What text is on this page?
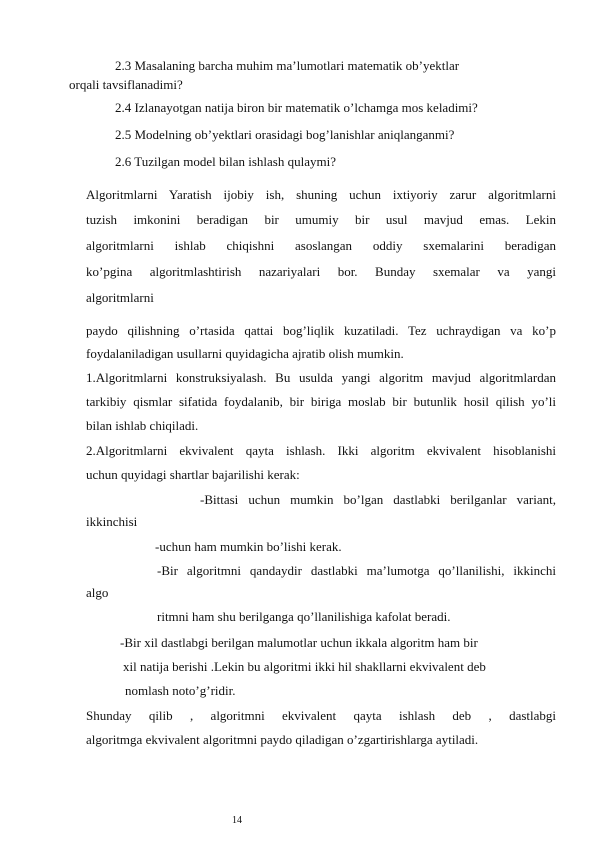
2.3 Masalaning barcha muhim ma’lumotlari matematik ob’yektlar
orqali tavsiflanadimi?
2.4 Izlanayotgan natija biron bir matematik o’lchamga mos keladimi?
2.5 Modelning ob’yektlari orasidagi bog’lanishlar aniqlanganmi?
2.6 Tuzilgan model bilan ishlash qulaymi?
Algoritmlarni Yaratish ijobiy ish, shuning uchun ixtiyoriy zarur algoritmlarni
tuzish imkonini beradigan bir umumiy bir usul mavjud emas. Lekin
algoritmlarni ishlab chiqishni asoslangan oddiy sxemalarini beradigan
ko’pgina algoritmlashtirish nazariyalari bor. Bunday sxemalar va yangi
algoritmlarni
paydo qilishning o’rtasida qattai bog’liqlik kuzatiladi. Tez uchraydigan va ko’p
foydalaniladigan usullarni quyidagicha ajratib olish mumkin.
1.Algoritmlarni konstruksiyalash. Bu usulda yangi algoritm mavjud algoritmlardan
tarkibiy qismlar sifatida foydalanib, bir biriga moslab bir butunlik hosil qilish yo’li
bilan ishlab chiqiladi.
2.Algoritmlarni ekvivalent qayta ishlash. Ikki algoritm ekvivalent hisoblanishi
uchun quyidagi shartlar bajarilishi kerak:
-Bittasi uchun mumkin bo’lgan dastlabki berilganlar variant,
ikkinchisi
-uchun ham mumkin bo’lishi kerak.
-Bir algoritmni qandaydir dastlabki ma’lumotga qo’llanilishi, ikkinchi
algo
ritmni ham shu berilganga qo’llanilishiga kafolat beradi.
-Bir xil dastlabgi berilgan malumotlar uchun ikkala algoritm ham bir
xil natija berishi .Lekin bu algoritmi ikki hil shakllarni ekvivalent deb
nomlash noto’g’ridir.
Shunday qilib , algoritmni ekvivalent qayta ishlash deb , dastlabgi
algoritmga ekvivalent algoritmni paydo qiladigan o’zgartirishlarga aytiladi.
14
